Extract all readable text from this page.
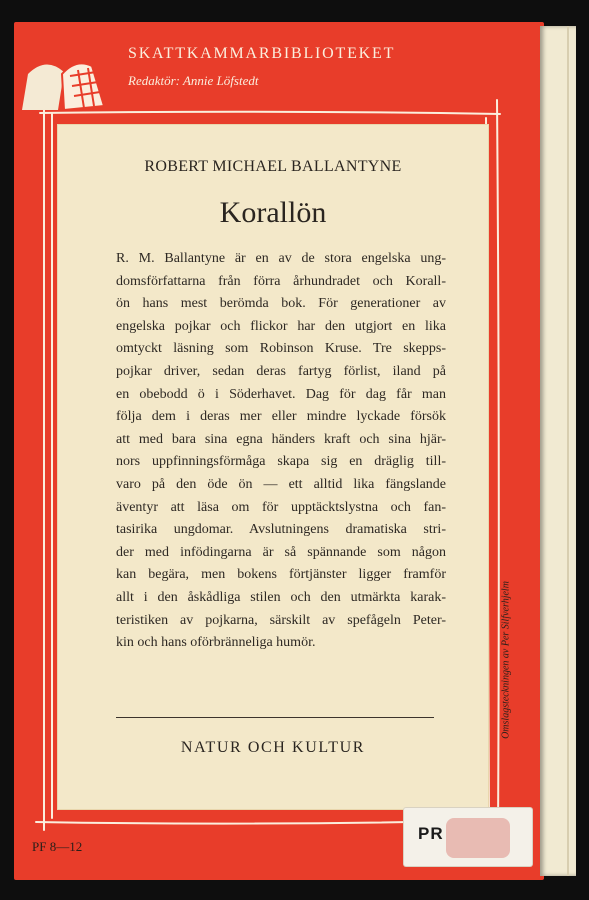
SKATTKAMMARBIBLIOTEKET
Redaktör: Annie Löfstedt
ROBERT MICHAEL BALLANTYNE
Korallön
R. M. Ballantyne är en av de stora engelska ung-
domsförfattarna från förra århundradet och Korall-
ön hans mest berömda bok. För generationer av
engelska pojkar och flickor har den utgjort en lika
omtyckt läsning som Robinson Kruse. Tre skepps-
pojkar driver, sedan deras fartyg förlist, iland på
en obebodd ö i Söderhavet. Dag för dag får man
följa dem i deras mer eller mindre lyckade försök
att med bara sina egna händers kraft och sina hjär-
nors uppfinningsförmåga skapa sig en dräglig till-
varo på den öde ön — ett alltid lika fängslande
äventyr att läsa om för upptäcktslystna och fan-
tasirika ungdomar. Avslutningens dramatiska stri-
der med infödingarna är så spännande som någon
kan begära, men bokens förtjänster ligger framför
allt i den åskådliga stilen och den utmärkta karak-
teristiken av pojkarna, särskilt av spefågeln Peter-
kin och hans oförbränneliga humör.
NATUR OCH KULTUR
Omslagsteckningen av Per Silfverhjelm
PF 8—12
PR
